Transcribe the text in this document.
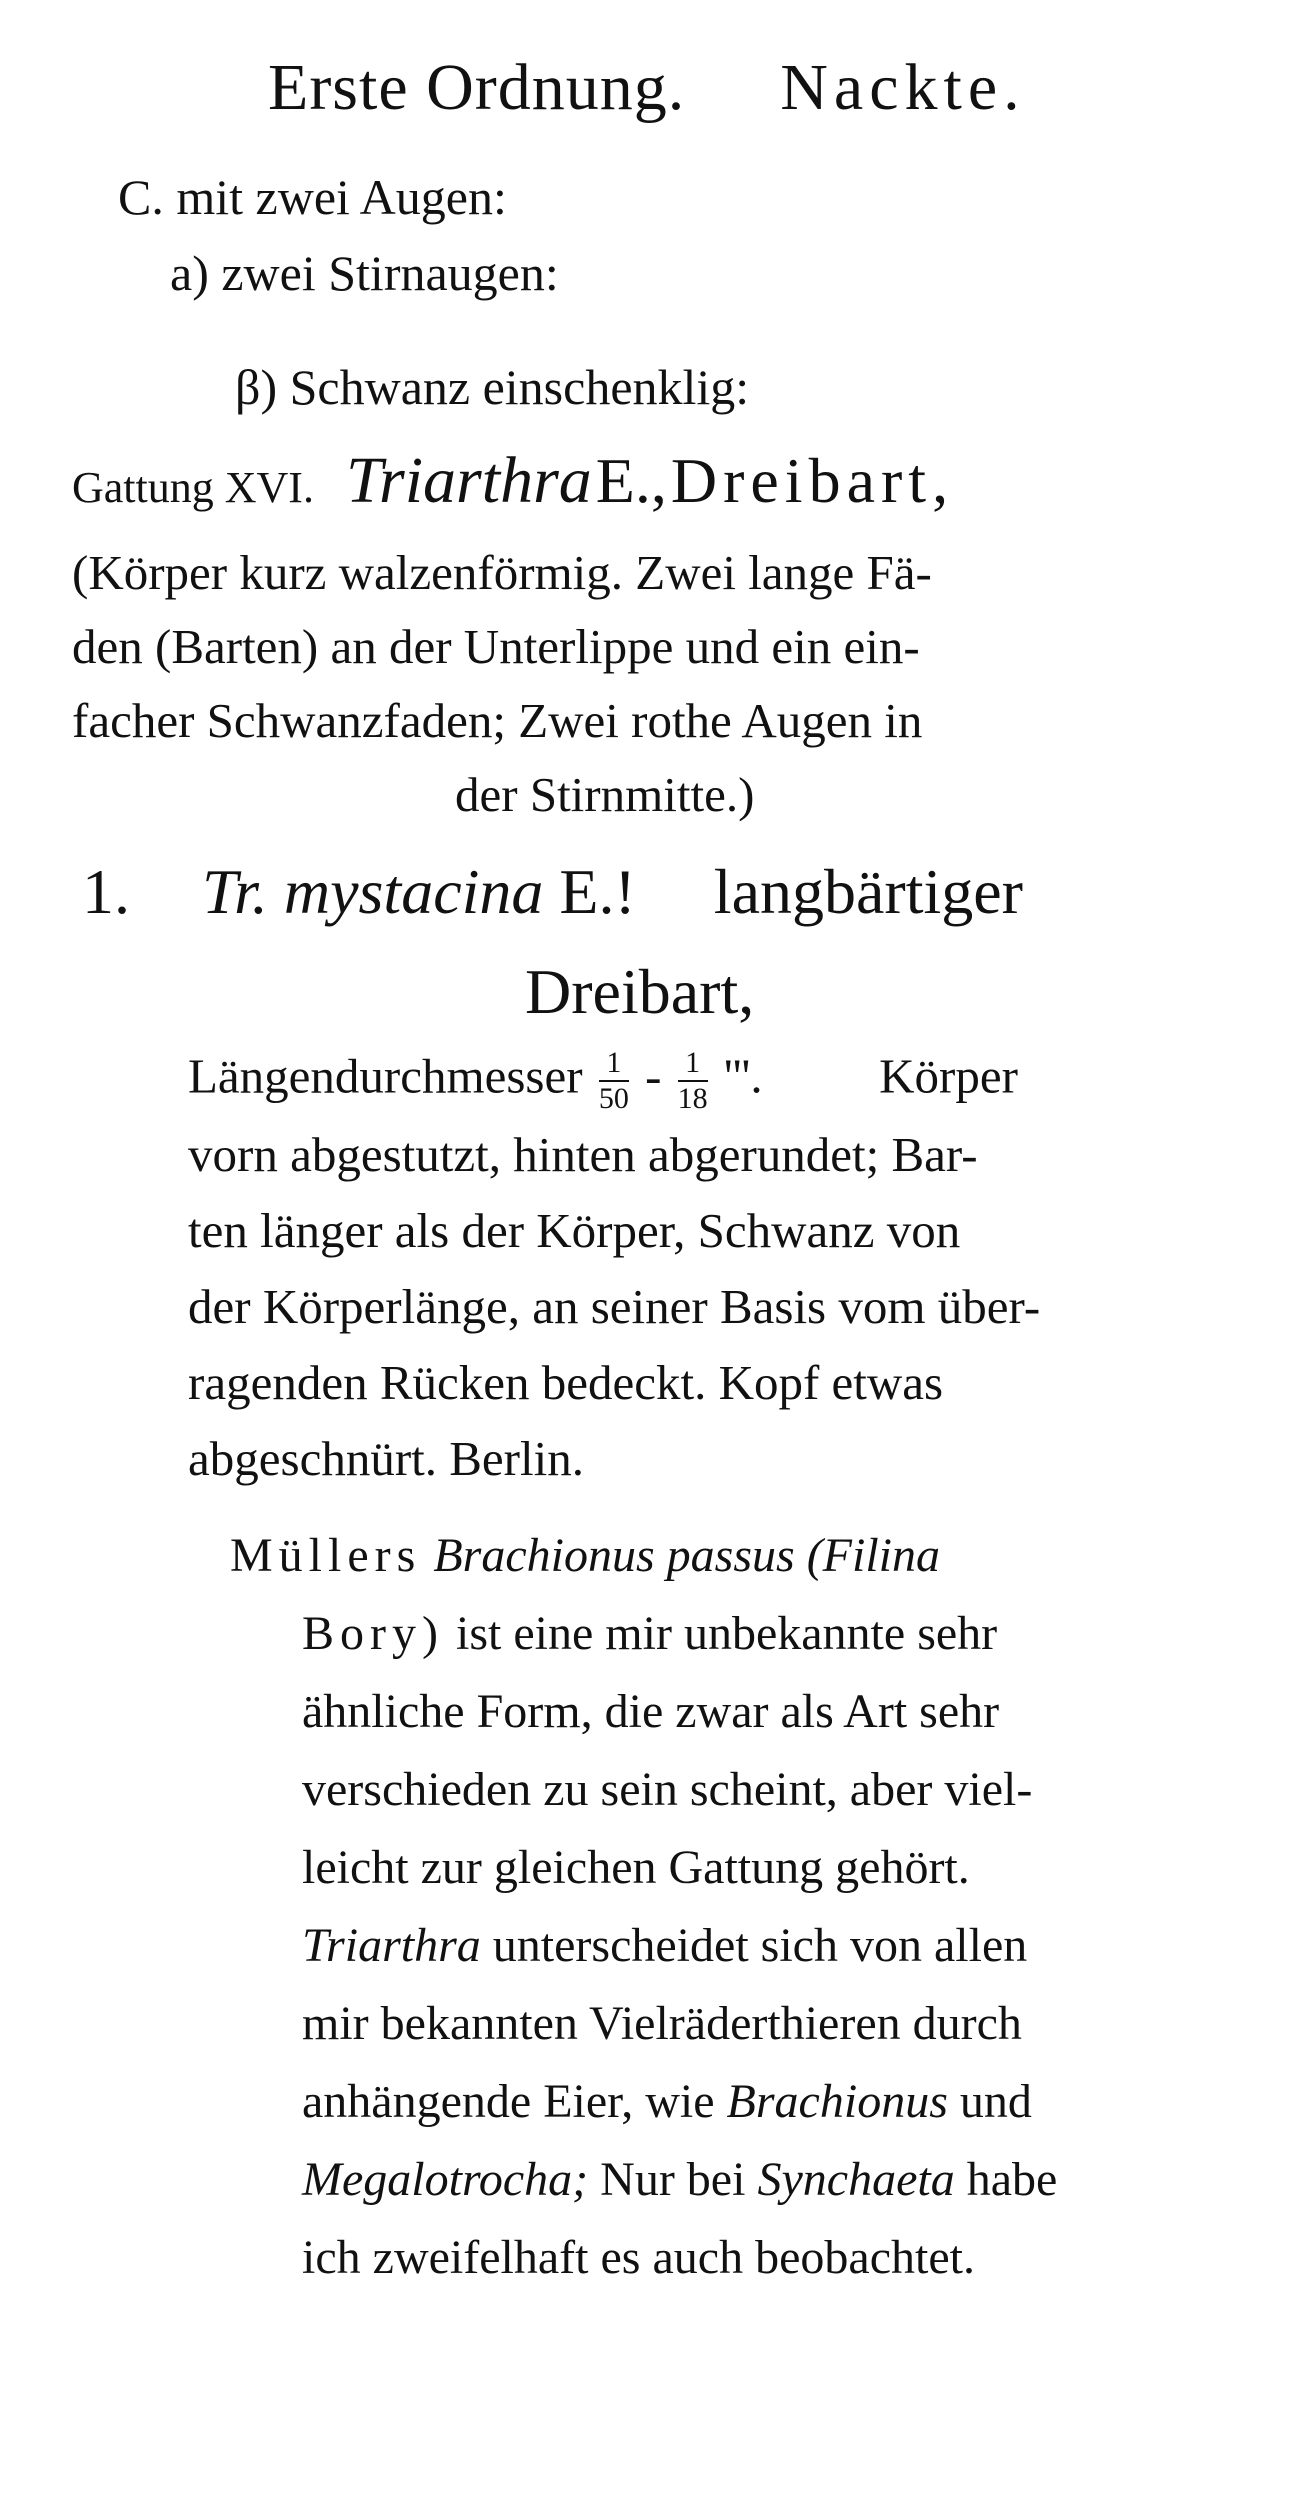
Erste Ordnung. Nackte.
C. mit zwei Augen:
a) zwei Stirnaugen:
β) Schwanz einschenklig:
Gattung XVI. Triarthra E., Dreibart,
(Körper kurz walzenförmig. Zwei lange Fä-
den (Barten) an der Unterlippe und ein ein-
facher Schwanzfaden; Zwei rothe Augen in
der Stirnmitte.)
1. Tr. mystacina E.! langbärtiger
Dreibart,
Längendurchmesser $\frac{1}{50} - \frac{1}{18}$ '''. Körper
vorn abgestutzt, hinten abgerundet; Bar-
ten länger als der Körper, Schwanz von
der Körperlänge, an seiner Basis vom über-
ragenden Rücken bedeckt. Kopf etwas
abgeschnürt. Berlin.
Müllers Brachionus passus (Filina
Bory) ist eine mir unbekannte sehr
ähnliche Form, die zwar als Art sehr
verschieden zu sein scheint, aber viel-
leicht zur gleichen Gattung gehört.
Triarthra unterscheidet sich von allen
mir bekannten Vielräderthieren durch
anhängende Eier, wie Brachionus und
Megalotrocha; Nur bei Synchaeta habe
ich zweifelhaft es auch beobachtet.
